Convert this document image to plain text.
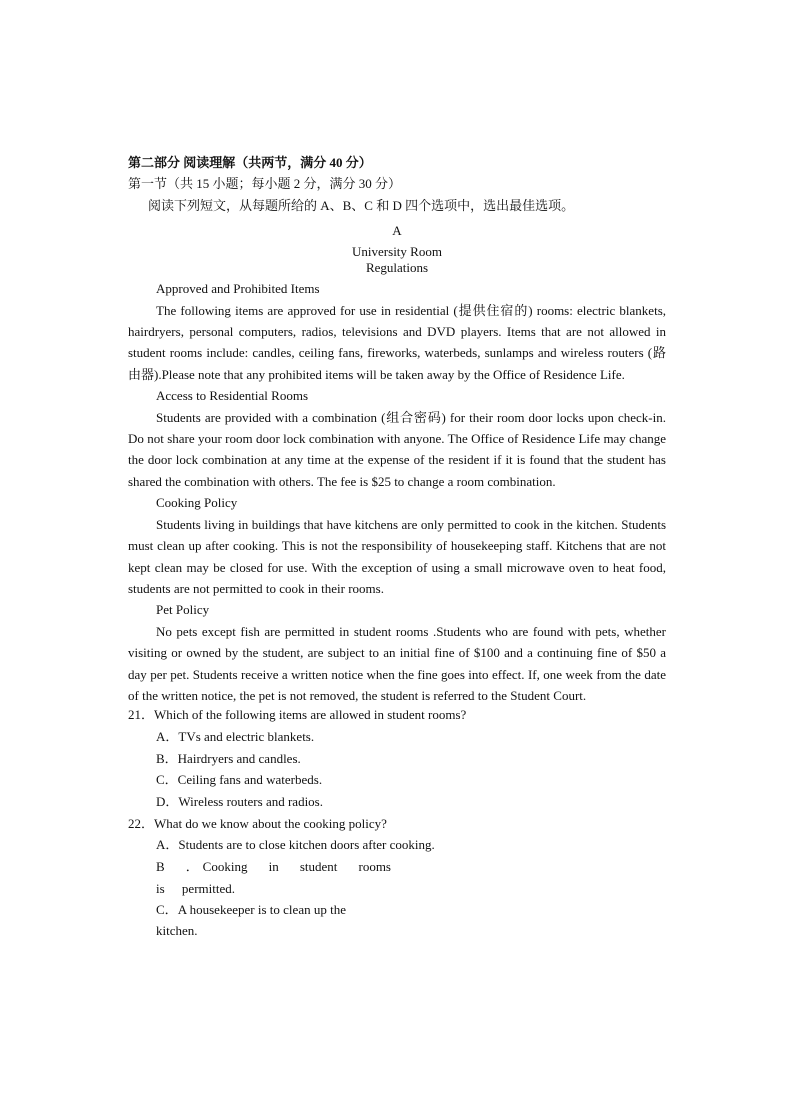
第二部分 阅读理解（共两节，满分 40 分）
第一节（共 15 小题；每小题 2 分，满分 30 分）
阅读下列短文，从每题所给的 A、B、C 和 D 四个选项中，选出最佳选项。
A
University Room
Regulations
Approved and Prohibited Items
The following items are approved for use in residential (提供住宿的) rooms: electric blankets, hairdryers, personal computers, radios, televisions and DVD players. Items that are not allowed in student rooms include: candles, ceiling fans, fireworks, waterbeds, sunlamps and wireless routers (路由器).Please note that any prohibited items will be taken away by the Office of Residence Life.
Access to Residential Rooms
Students are provided with a combination (组合密码) for their room door locks upon check-in. Do not share your room door lock combination with anyone. The Office of Residence Life may change the door lock combination at any time at the expense of the resident if it is found that the student has shared the combination with others. The fee is $25 to change a room combination.
Cooking Policy
Students living in buildings that have kitchens are only permitted to cook in the kitchen. Students must clean up after cooking. This is not the responsibility of housekeeping staff. Kitchens that are not kept clean may be closed for use. With the exception of using a small microwave oven to heat food, students are not permitted to cook in their rooms.
Pet Policy
No pets except fish are permitted in student rooms .Students who are found with pets, whether visiting or owned by the student, are subject to an initial fine of $100 and a continuing fine of $50 a day per pet. Students receive a written notice when the fine goes into effect. If, one week from the date of the written notice, the pet is not removed, the student is referred to the Student Court.
21．Which of the following items are allowed in student rooms?
A．TVs and electric blankets.
B．Hairdryers and candles.
C．Ceiling fans and waterbeds.
D．Wireless routers and radios.
22．What do we know about the cooking policy?
A．Students are to close kitchen doors after cooking.
B ．Cooking in student rooms is permitted.
C．A housekeeper is to clean up the kitchen.
